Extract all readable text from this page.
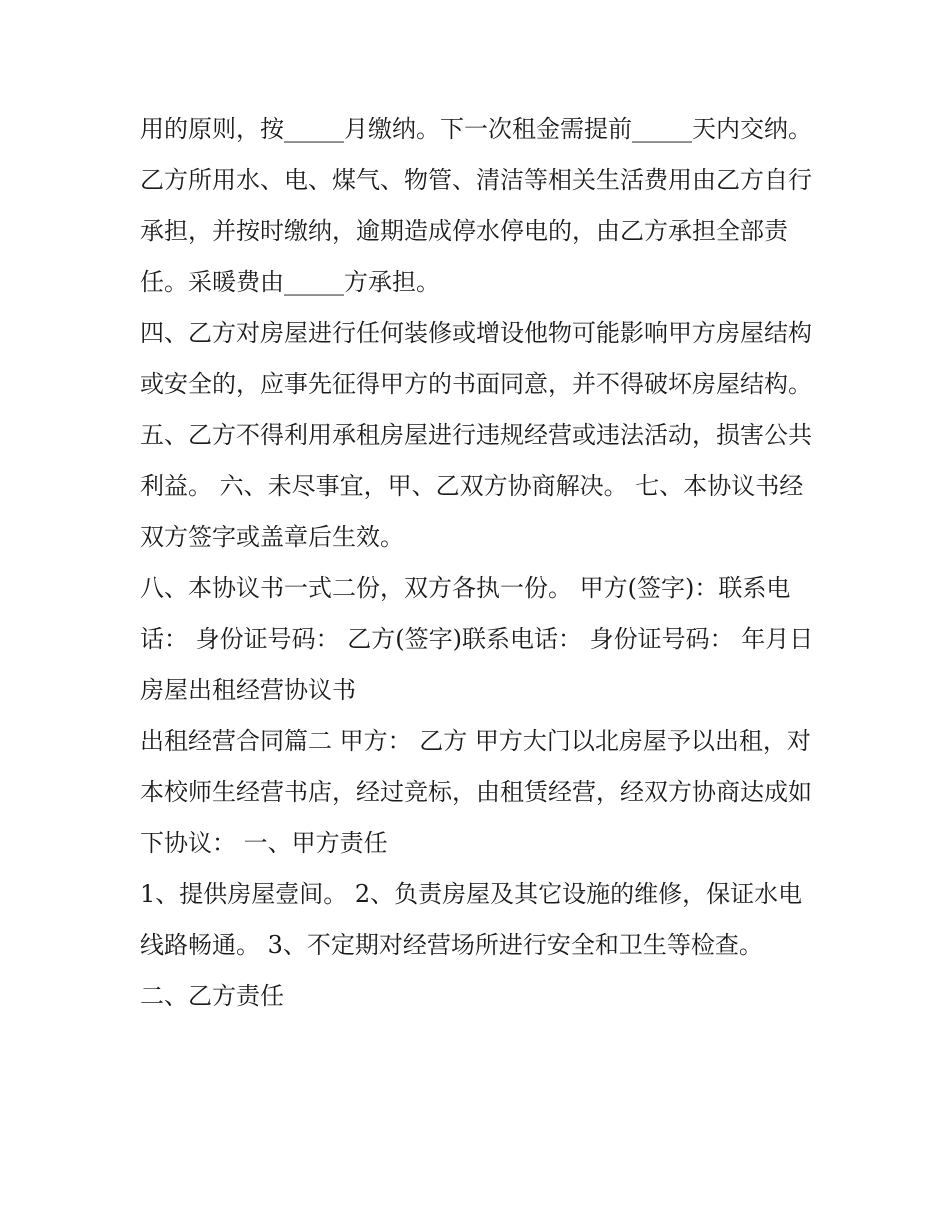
用的原则，按_____月缴纳。下一次租金需提前_____天内交纳。

乙方所用水、电、煤气、物管、清洁等相关生活费用由乙方自行承担，并按时缴纳，逾期造成停水停电的，由乙方承担全部责任。采暖费由_____方承担。

四、乙方对房屋进行任何装修或增设他物可能影响甲方房屋结构或安全的，应事先征得甲方的书面同意，并不得破坏房屋结构。

五、乙方不得利用承租房屋进行违规经营或违法活动，损害公共利益。 六、未尽事宜，甲、乙双方协商解决。 七、本协议书经双方签字或盖章后生效。

八、本协议书一式二份，双方各执一份。 甲方(签字)：联系电话： 身份证号码： 乙方(签字)联系电话： 身份证号码： 年月日 房屋出租经营协议书

出租经营合同篇二 甲方： 乙方 甲方大门以北房屋予以出租，对本校师生经营书店，经过竞标，由租赁经营，经双方协商达成如下协议： 一、甲方责任

1、提供房屋壹间。 2、负责房屋及其它设施的维修，保证水电线路畅通。 3、不定期对经营场所进行安全和卫生等检查。

二、乙方责任
